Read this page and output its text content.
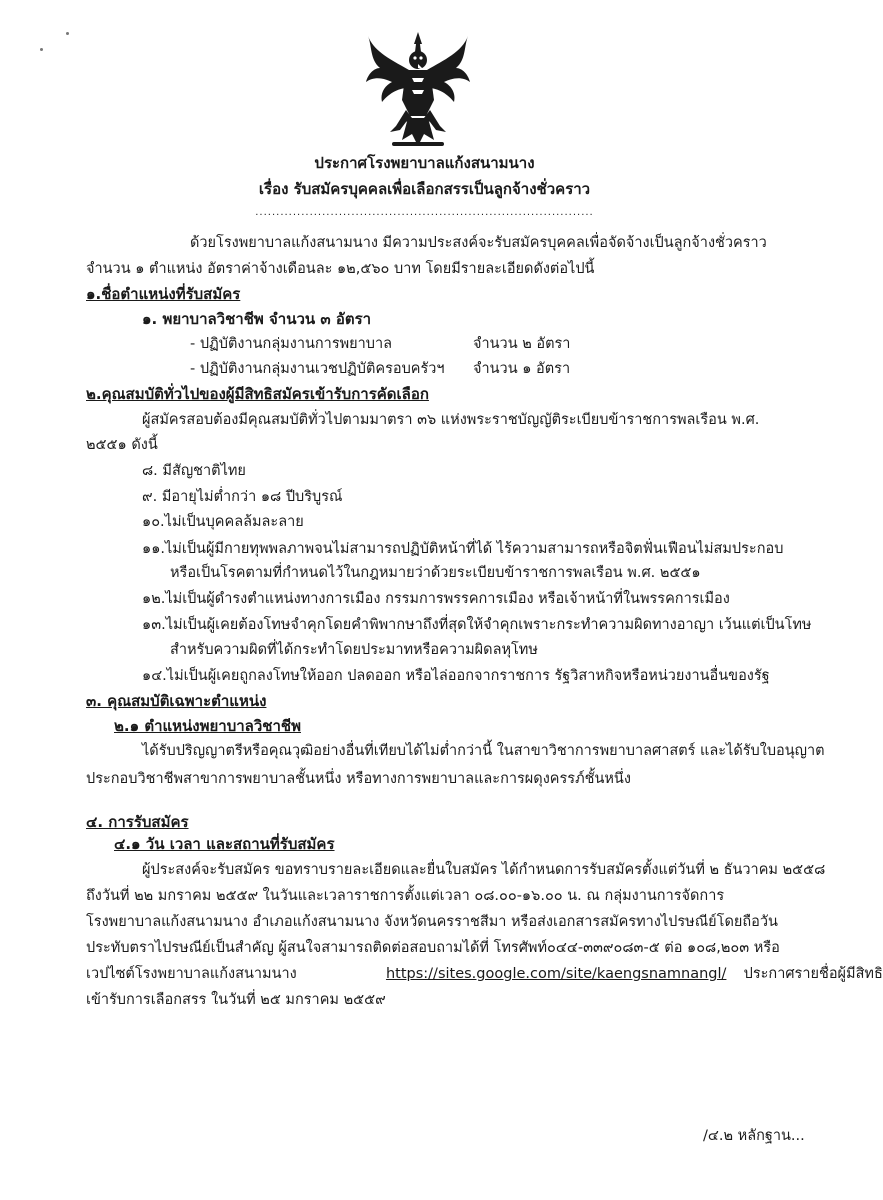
ประกาศโรงพยาบาลแก้งสนามนาง
เรื่อง รับสมัครบุคคลเพื่อเลือกสรรเป็นลูกจ้างชั่วคราว
.................................................................................
ด้วยโรงพยาบาลแก้งสนามนาง มีความประสงค์จะรับสมัครบุคคลเพื่อจัดจ้างเป็นลูกจ้างชั่วคราว
จำนวน ๑ ตำแหน่ง อัตราค่าจ้างเดือนละ ๑๒,๕๖๐ บาท โดยมีรายละเอียดดังต่อไปนี้
๑.ชื่อตำแหน่งที่รับสมัคร
๑. พยาบาลวิชาชีพ จำนวน ๓ อัตรา
- ปฏิบัติงานกลุ่มงานการพยาบาล	จำนวน ๒ อัตรา
- ปฏิบัติงานกลุ่มงานเวชปฏิบัติครอบครัวฯ จำนวน ๑ อัตรา
๒.คุณสมบัติทั่วไปของผู้มีสิทธิสมัครเข้ารับการคัดเลือก
ผู้สมัครสอบต้องมีคุณสมบัติทั่วไปตามมาตรา ๓๖ แห่งพระราชบัญญัติระเบียบข้าราชการพลเรือน พ.ศ.
๒๕๕๑ ดังนี้
๘. มีสัญชาติไทย
๙. มีอายุไม่ต่ำกว่า ๑๘ ปีบริบูรณ์
๑๐.ไม่เป็นบุคคลล้มละลาย
๑๑.ไม่เป็นผู้มีกายทุพพลภาพจนไม่สามารถปฏิบัติหน้าที่ได้ ไร้ความสามารถหรือจิตฟั่นเฟือนไม่สมประกอบ
หรือเป็นโรคตามที่กำหนดไว้ในกฎหมายว่าด้วยระเบียบข้าราชการพลเรือน พ.ศ. ๒๕๕๑
๑๒.ไม่เป็นผู้ดำรงตำแหน่งทางการเมือง กรรมการพรรคการเมือง หรือเจ้าหน้าที่ในพรรคการเมือง
๑๓.ไม่เป็นผู้เคยต้องโทษจำคุกโดยคำพิพากษาถึงที่สุดให้จำคุกเพราะกระทำความผิดทางอาญา เว้นแต่เป็นโทษ
สำหรับความผิดที่ได้กระทำโดยประมาทหรือความผิดลหุโทษ
๑๔.ไม่เป็นผู้เคยถูกลงโทษให้ออก ปลดออก หรือไล่ออกจากราชการ รัฐวิสาหกิจหรือหน่วยงานอื่นของรัฐ
๓. คุณสมบัติเฉพาะตำแหน่ง
๒.๑ ตำแหน่งพยาบาลวิชาชีพ
ได้รับปริญญาตรีหรือคุณวุฒิอย่างอื่นที่เทียบได้ไม่ต่ำกว่านี้ ในสาขาวิชาการพยาบาลศาสตร์ และได้รับใบอนุญาต
ประกอบวิชาชีพสาขาการพยาบาลชั้นหนึ่ง หรือทางการพยาบาลและการผดุงครรภ์ชั้นหนึ่ง
๔. การรับสมัคร
๔.๑ วัน เวลา และสถานที่รับสมัคร
ผู้ประสงค์จะรับสมัคร ขอทราบรายละเอียดและยื่นใบสมัคร ได้กำหนดการรับสมัครตั้งแต่วันที่ ๒ ธันวาคม ๒๕๕๘
ถึงวันที่ ๒๒ มกราคม ๒๕๕๙ ในวันและเวลาราชการตั้งแต่เวลา ๐๘.๐๐-๑๖.๐๐ น. ณ กลุ่มงานการจัดการ
โรงพยาบาลแก้งสนามนาง อำเภอแก้งสนามนาง จังหวัดนครราชสีมา หรือส่งเอกสารสมัครทางไปรษณีย์โดยถือวัน
ประทับตราไปรษณีย์เป็นสำคัญ ผู้สนใจสามารถติดต่อสอบถามได้ที่ โทรศัพท์๐๔๔-๓๓๙๐๘๓-๕ ต่อ ๑๐๘,๒๐๓ หรือ
เวปไซต์โรงพยาบาลแก้งสนามนาง	https://sites.google.com/site/kaengsnamnangl/ ประกาศรายชื่อผู้มีสิทธิ
เข้ารับการเลือกสรร ในวันที่ ๒๕ มกราคม ๒๕๕๙
/๔.๒ หลักฐาน...
